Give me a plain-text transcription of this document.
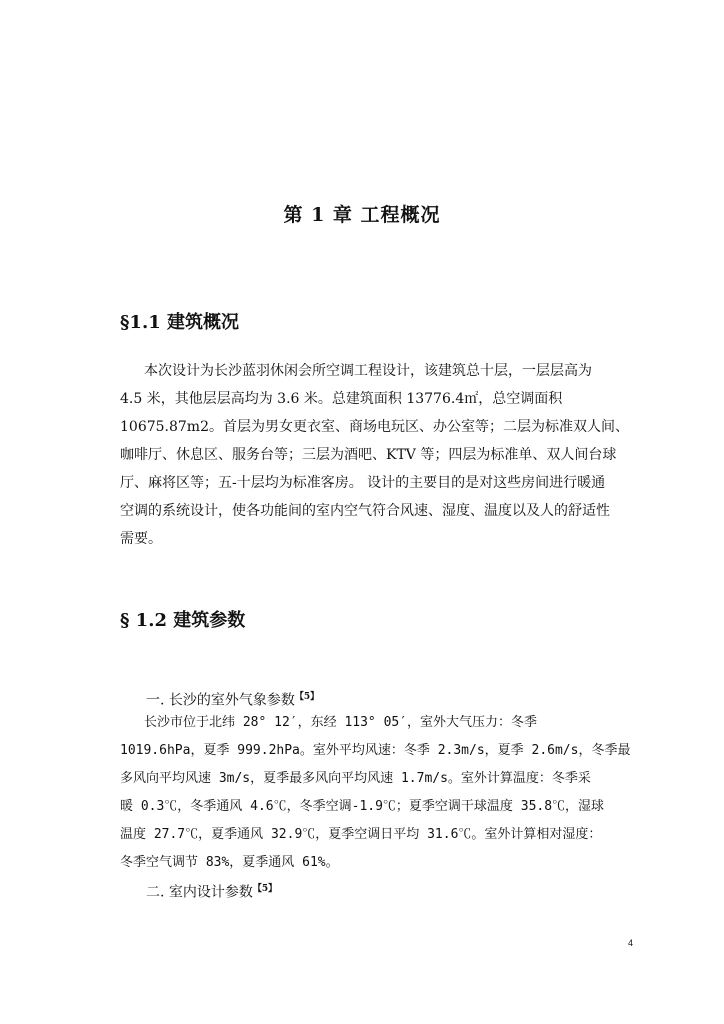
第 1 章 工程概况
§1.1 建筑概况

本次设计为长沙蓝羽休闲会所空调工程设计，该建筑总十层，一层层高为
4.5 米，其他层层高均为 3.6 米。总建筑面积 13776.4㎡，总空调面积
10675.87m2。首层为男女更衣室、商场电玩区、办公室等；二层为标准双人间、
咖啡厅、休息区、服务台等；三层为酒吧、KTV 等；四层为标准单、双人间台球
厅、麻将区等；五-十层均为标准客房。 设计的主要目的是对这些房间进行暖通
空调的系统设计，使各功能间的室内空气符合风速、湿度、温度以及人的舒适性
需要。

§ 1.2 建筑参数
一. 长沙的室外气象参数$^{【5】}$

长沙市位于北纬 28° 12′，东经 113° 05′，室外大气压力：冬季
1019.6hPa，夏季 999.2hPa。室外平均风速：冬季 2.3m/s，夏季 2.6m/s，冬季最
多风向平均风速 3m/s，夏季最多风向平均风速 1.7m/s。室外计算温度：冬季采
暖 0.3℃，冬季通风 4.6℃，冬季空调-1.9℃；夏季空调干球温度 35.8℃，湿球
温度 27.7℃，夏季通风 32.9℃，夏季空调日平均 31.6℃。室外计算相对湿度：
冬季空气调节 83%，夏季通风 61%。

二. 室内设计参数$^{【5】}$
4
